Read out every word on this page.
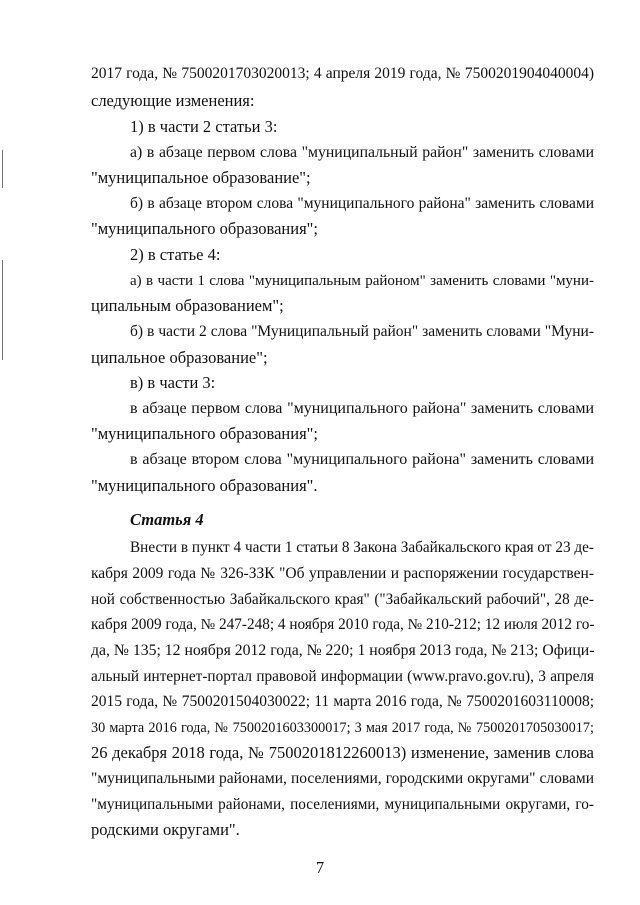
2017 года, № 7500201703020013; 4 апреля 2019 года, № 7500201904040004)
следующие изменения:
1) в части 2 статьи 3:
а) в абзаце первом слова "муниципальный район" заменить словами
"муниципальное образование";
б) в абзаце втором слова "муниципального района" заменить словами
"муниципального образования";
2) в статье 4:
а) в части 1 слова "муниципальным районом" заменить словами "муни-
ципальным образованием";
б) в части 2 слова "Муниципальный район" заменить словами "Муни-
ципальное образование";
в) в части 3:
в абзаце первом слова "муниципального района" заменить словами
"муниципального образования";
в абзаце втором слова "муниципального района" заменить словами
"муниципального образования".
Статья 4
Внести в пункт 4 части 1 статьи 8 Закона Забайкальского края от 23 де-
кабря 2009 года № 326-ЗЗК "Об управлении и распоряжении государствен-
ной собственностью Забайкальского края" ("Забайкальский рабочий", 28 де-
кабря 2009 года, № 247-248; 4 ноября 2010 года, № 210-212; 12 июля 2012 го-
да, № 135; 12 ноября 2012 года, № 220; 1 ноября 2013 года, № 213; Офици-
альный интернет-портал правовой информации (www.pravo.gov.ru), 3 апреля
2015 года, № 7500201504030022; 11 марта 2016 года, № 7500201603110008;
30 марта 2016 года, № 7500201603300017; 3 мая 2017 года, № 7500201705030017;
26 декабря 2018 года, № 7500201812260013) изменение, заменив слова
"муниципальными районами, поселениями, городскими округами" словами
"муниципальными районами, поселениями, муниципальными округами, го-
родскими округами".
7
